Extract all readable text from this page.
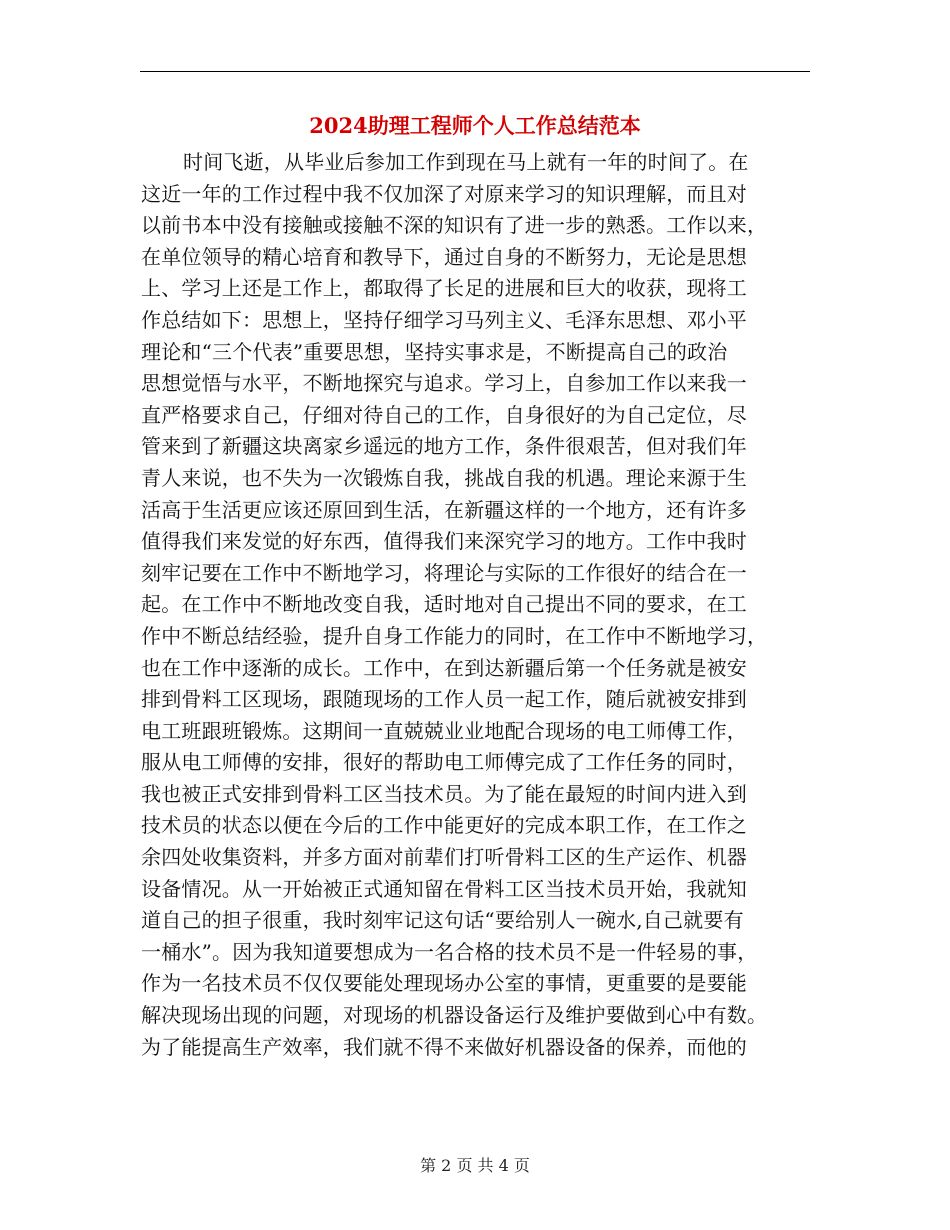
2024助理工程师个人工作总结范本
时间飞逝，从毕业后参加工作到现在马上就有一年的时间了。在
这近一年的工作过程中我不仅加深了对原来学习的知识理解，而且对
以前书本中没有接触或接触不深的知识有了进一步的熟悉。工作以来，
在单位领导的精心培育和教导下，通过自身的不断努力，无论是思想
上、学习上还是工作上，都取得了长足的进展和巨大的收获，现将工
作总结如下：思想上，坚持仔细学习马列主义、毛泽东思想、邓小平
理论和“三个代表”重要思想，坚持实事求是，不断提高自己的政治
思想觉悟与水平，不断地探究与追求。学习上，自参加工作以来我一
直严格要求自己，仔细对待自己的工作，自身很好的为自己定位，尽
管来到了新疆这块离家乡遥远的地方工作，条件很艰苦，但对我们年
青人来说，也不失为一次锻炼自我，挑战自我的机遇。理论来源于生
活高于生活更应该还原回到生活，在新疆这样的一个地方，还有许多
值得我们来发觉的好东西，值得我们来深究学习的地方。工作中我时
刻牢记要在工作中不断地学习，将理论与实际的工作很好的结合在一
起。在工作中不断地改变自我，适时地对自己提出不同的要求，在工
作中不断总结经验，提升自身工作能力的同时，在工作中不断地学习，
也在工作中逐渐的成长。工作中，在到达新疆后第一个任务就是被安
排到骨料工区现场，跟随现场的工作人员一起工作，随后就被安排到
电工班跟班锻炼。这期间一直兢兢业业地配合现场的电工师傅工作，
服从电工师傅的安排，很好的帮助电工师傅完成了工作任务的同时，
我也被正式安排到骨料工区当技术员。为了能在最短的时间内进入到
技术员的状态以便在今后的工作中能更好的完成本职工作，在工作之
余四处收集资料，并多方面对前辈们打听骨料工区的生产运作、机器
设备情况。从一开始被正式通知留在骨料工区当技术员开始，我就知
道自己的担子很重，我时刻牢记这句话“要给别人一碗水,自己就要有
一桶水”。因为我知道要想成为一名合格的技术员不是一件轻易的事，
作为一名技术员不仅仅要能处理现场办公室的事情，更重要的是要能
解决现场出现的问题，对现场的机器设备运行及维护要做到心中有数。
为了能提高生产效率，我们就不得不来做好机器设备的保养，而他的
第 2 页 共 4 页
